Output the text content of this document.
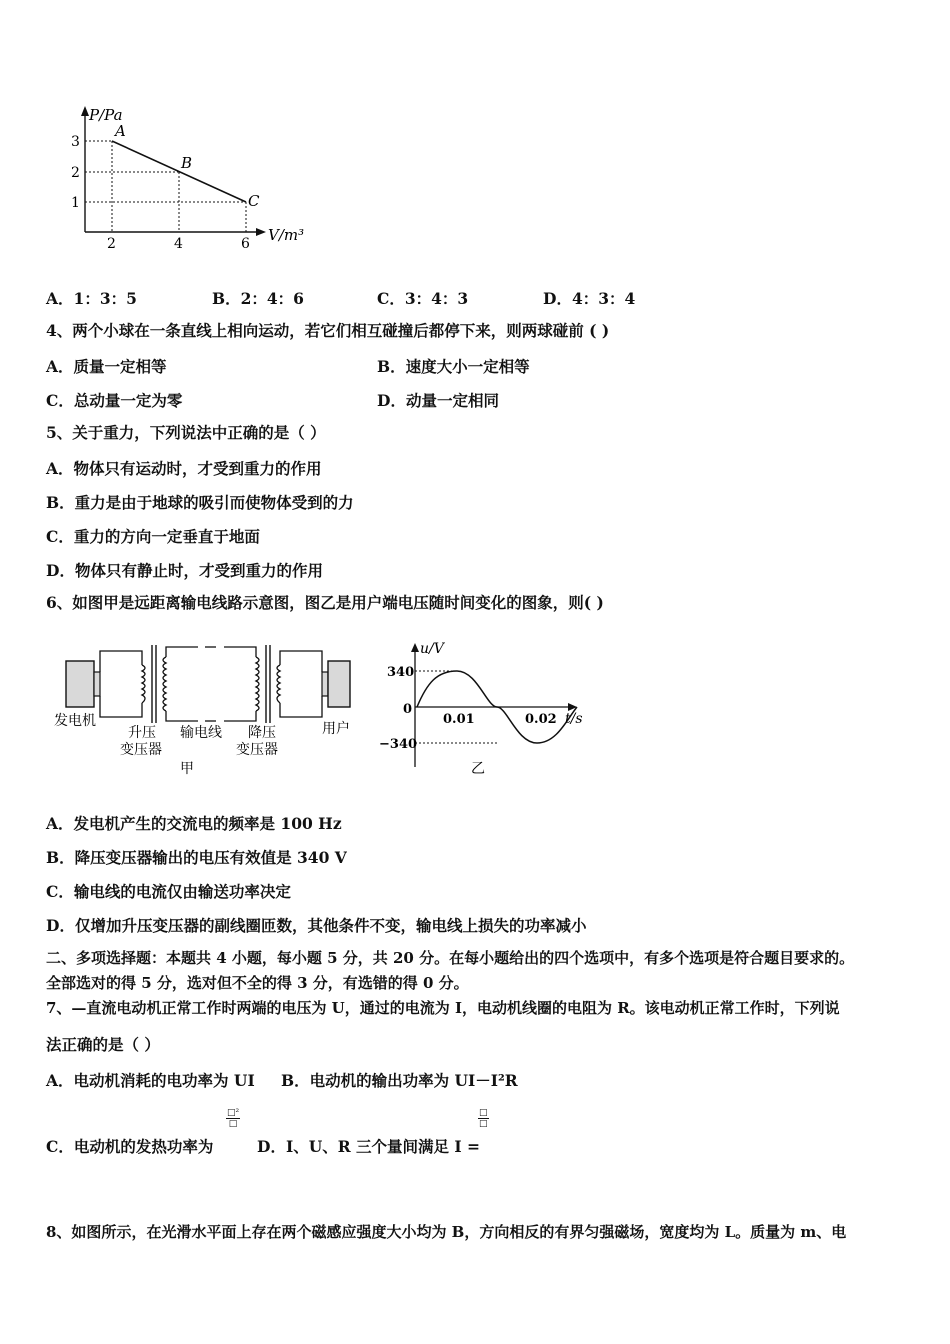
P/Pa
V/m³
3
2
1
2	4	6
A
B
C
A．1：3：5	B．2：4：6	C．3：4：3	D．4：3：4
4、两个小球在一条直线上相向运动，若它们相互碰撞后都停下来，则两球碰前 ( )
A．质量一定相等	B．速度大小一定相等
C．总动量一定为零	D．动量一定相同
5、关于重力，下列说法中正确的是（ ）
A．物体只有运动时，才受到重力的作用
B．重力是由于地球的吸引而使物体受到的力
C．重力的方向一定垂直于地面
D．物体只有静止时，才受到重力的作用
6、如图甲是远距离输电线路示意图，图乙是用户端电压随时间变化的图象，则( )
发电机
升压
变压器
输电线 降压
变压器
用户
甲
u/V
t/s
340
−340
0
0.01	0.02
乙
A．发电机产生的交流电的频率是 100 Hz
B．降压变压器输出的电压有效值是 340 V
C．输电线的电流仅由输送功率决定
D．仅增加升压变压器的副线圈匝数，其他条件不变，输电线上损失的功率减小
二、多项选择题：本题共 4 小题，每小题 5 分，共 20 分。在每小题给出的四个选项中，有多个选项是符合题目要求的。
全部选对的得 5 分，选对但不全的得 3 分，有选错的得 0 分。
7、—直流电动机正常工作时两端的电压为 U，通过的电流为 I，电动机线圈的电阻为 R。该电动机正常工作时，下列说
法正确的是（ ）
A．电动机消耗的电功率为 UI B．电动机的输出功率为 UI－I²R
C．电动机的发热功率为
□²
□
D．I、U、R 三个量间满足 I =
□
□
8、如图所示，在光滑水平面上存在两个磁感应强度大小均为 B，方向相反的有界匀强磁场，宽度均为 L。质量为 m、电
